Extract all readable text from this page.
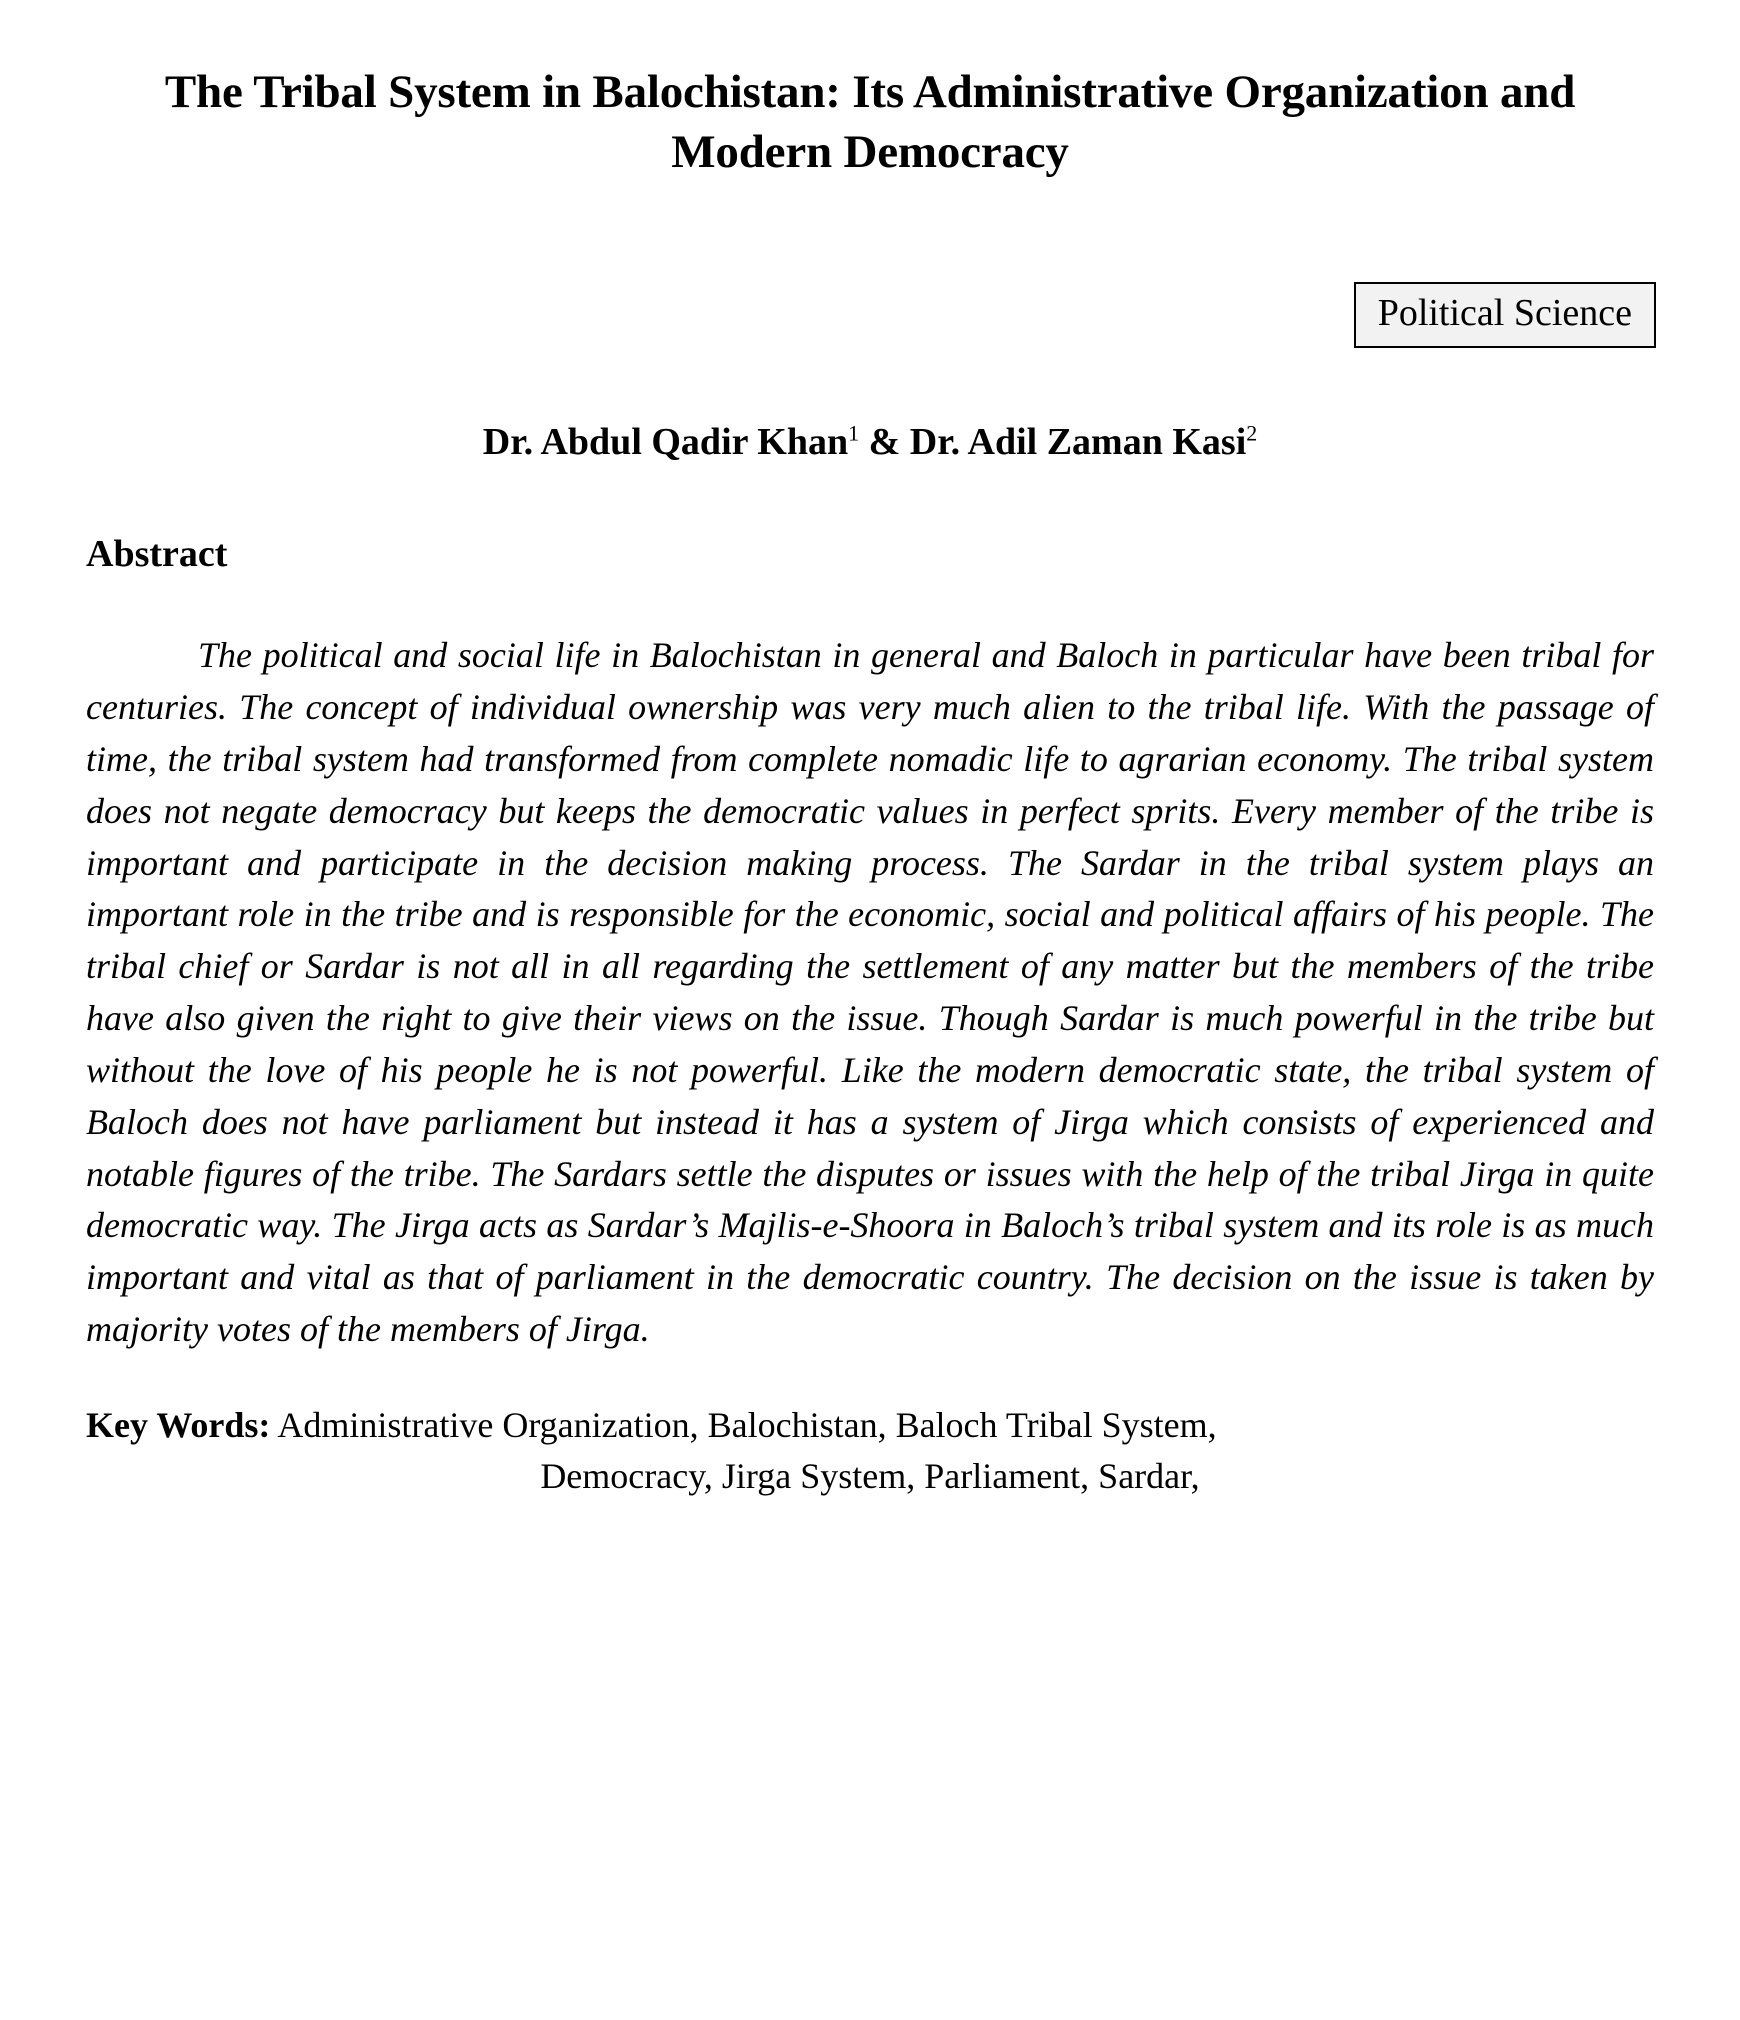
The Tribal System in Balochistan: Its Administrative Organization and Modern Democracy
Political Science
Dr. Abdul Qadir Khan$^1$ & Dr. Adil Zaman Kasi$^2$
Abstract

The political and social life in Balochistan in general and Baloch in particular have been tribal for centuries. The concept of individual ownership was very much alien to the tribal life. With the passage of time, the tribal system had transformed from complete nomadic life to agrarian economy. The tribal system does not negate democracy but keeps the democratic values in perfect sprits. Every member of the tribe is important and participate in the decision making process. The Sardar in the tribal system plays an important role in the tribe and is responsible for the economic, social and political affairs of his people. The tribal chief or Sardar is not all in all regarding the settlement of any matter but the members of the tribe have also given the right to give their views on the issue. Though Sardar is much powerful in the tribe but without the love of his people he is not powerful. Like the modern democratic state, the tribal system of Baloch does not have parliament but instead it has a system of Jirga which consists of experienced and notable figures of the tribe. The Sardars settle the disputes or issues with the help of the tribal Jirga in quite democratic way. The Jirga acts as Sardar’s Majlis-e-Shoora in Baloch’s tribal system and its role is as much important and vital as that of parliament in the democratic country. The decision on the issue is taken by majority votes of the members of Jirga.

Key Words: Administrative Organization, Balochistan, Baloch Tribal System,
Democracy, Jirga System, Parliament, Sardar,
